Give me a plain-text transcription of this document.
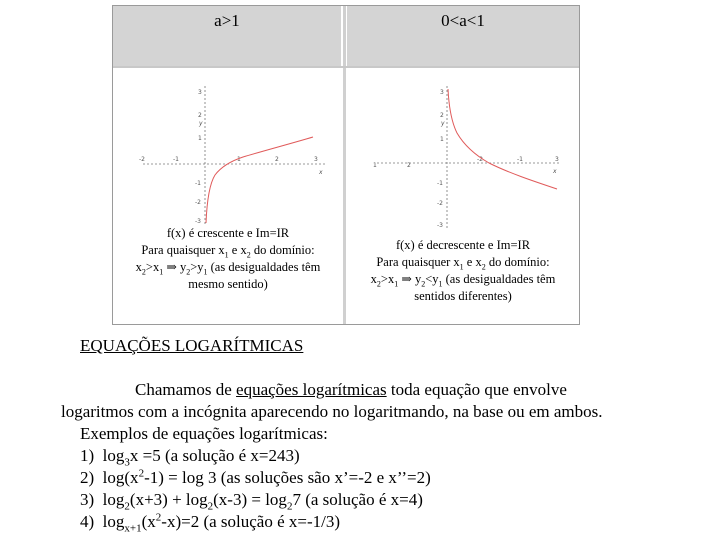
a>1	0<a<1
-2	-1	1	2	3
3
2
1
-1
-2
-3
y
x
-2	-1
1	2
3
3
2
1
-1
-2
-3
y
x
f(x) é crescente e Im=IR
Para quaisquer $x_1$ e $x_2$ do domínio:
$x_2>x_1$ ⇒ $y_2>y_1$ (as desigualdades têm
mesmo sentido)
f(x) é decrescente e Im=IR
Para quaisquer $x_1$ e $x_2$ do domínio:
$x_2>x_1$ ⇒ $y_2<y_1$ (as desigualdades têm
sentidos diferentes)
EQUAÇÕES LOGARÍTMICAS
Chamamos de equações logarítmicas toda equação que envolve
logaritmos com a incógnita aparecendo no logaritmando, na base ou em ambos.
Exemplos de equações logarítmicas:
1) $\log_3x =5$ (a solução é x=243)
2) $\log(x^2-1) = \log 3$ (as soluções são x’=-2 e x’’=2)
3) $\log_2(x+3) + \log_2(x-3) = \log_27$ (a solução é x=4)
4) $\log_{x+1}(x^2-x)=2$ (a solução é x=-1/3)
